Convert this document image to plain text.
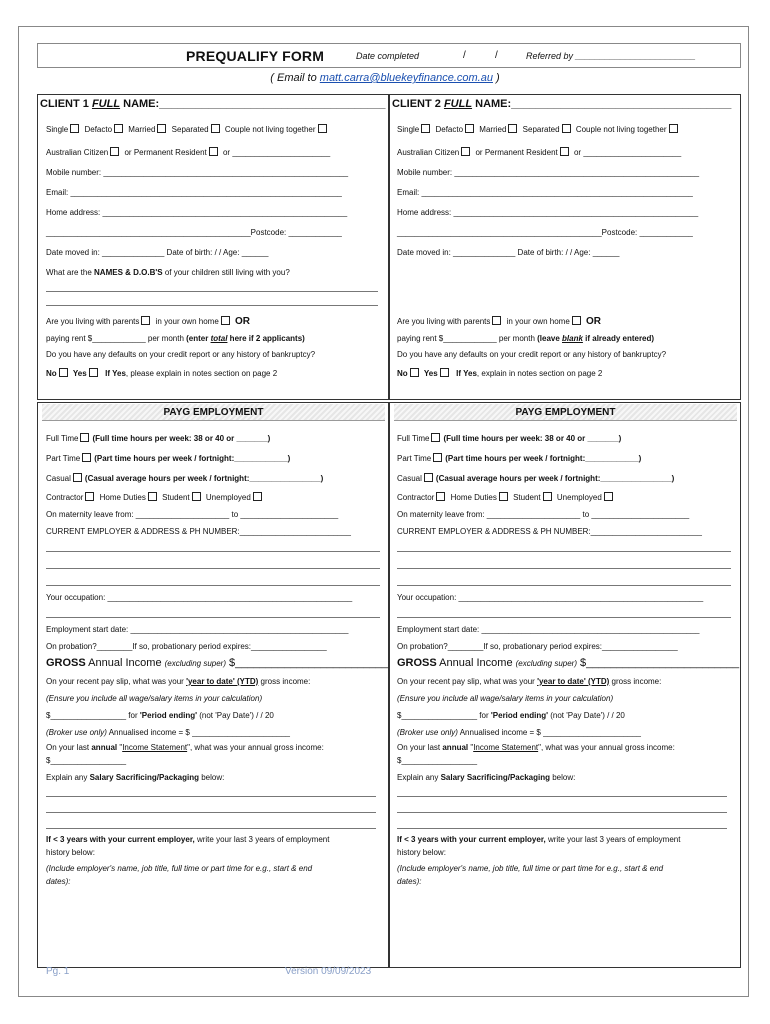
PREQUALIFY FORM	Date completed	/	/	Referred by ________________________
( Email to matt.carra@bluekeyfinance.com.au )
CLIENT 1 FULL NAME:_____________________________________
Single Defacto Married Separated Couple not living together
Australian Citizen or Permanent Resident or ______________________
Mobile number: _______________________________________________________
Email: _____________________________________________________________
Home address: _______________________________________________________
______________________________________________Postcode: ____________
Date moved in: ______________ Date of birth: / / Age: ______
What are the NAMES & D.O.B'S of your children still living with you?
Are you living with parents in your own home OR
paying rent $____________ per month (enter total here if 2 applicants)
Do you have any defaults on your credit report or any history of bankruptcy?
No Yes If Yes, please explain in notes section on page 2
CLIENT 2 FULL NAME:____________________________________
Single Defacto Married Separated Couple not living together
Australian Citizen or Permanent Resident or ______________________
Mobile number: _______________________________________________________
Email: _____________________________________________________________
Home address: _______________________________________________________
______________________________________________Postcode: ____________
Date moved in: ______________ Date of birth: / / Age: ______
Are you living with parents in your own home OR
paying rent $____________ per month (leave blank if already entered)
Do you have any defaults on your credit report or any history of bankruptcy?
No Yes If Yes, explain in notes section on page 2
PAYG EMPLOYMENT	PAYG EMPLOYMENT
Full Time (Full time hours per week: 38 or 40 or _______)
Part Time (Part time hours per week / fortnight:____________)
Casual (Casual average hours per week / fortnight:________________)
Contractor Home Duties Student Unemployed
On maternity leave from: _____________________ to ______________________
CURRENT EMPLOYER & ADDRESS & PH NUMBER:_________________________
Your occupation: _______________________________________________________
Employment start date: _________________________________________________
On probation?________If so, probationary period expires:_________________
GROSS Annual Income (excluding super) $_________________________
On your recent pay slip, what was your 'year to date' (YTD) gross income:
(Ensure you include all wage/salary items in your calculation)
$_________________ for 'Period ending' (not 'Pay Date') / / 20
(Broker use only) Annualised income = $ ______________________
On your last annual "Income Statement", what was your annual gross income:
$_________________
Explain any Salary Sacrificing/Packaging below:
If < 3 years with your current employer, write your last 3 years of employment
history below:
(Include employer's name, job title, full time or part time for e.g., start & end
dates):
Full Time (Full time hours per week: 38 or 40 or _______)
Part Time (Part time hours per week / fortnight:____________)
Casual (Casual average hours per week / fortnight:________________)
Contractor Home Duties Student Unemployed
On maternity leave from: _____________________ to ______________________
CURRENT EMPLOYER & ADDRESS & PH NUMBER:_________________________
Your occupation: _______________________________________________________
Employment start date: _________________________________________________
On probation?________If so, probationary period expires:_________________
GROSS Annual Income (excluding super) $_________________________
On your recent pay slip, what was your 'year to date' (YTD) gross income:
(Ensure you include all wage/salary items in your calculation)
$_________________ for 'Period ending' (not 'Pay Date') / / 20
(Broker use only) Annualised income = $ ______________________
On your last annual "Income Statement", what was your annual gross income:
$_________________
Explain any Salary Sacrificing/Packaging below:
If < 3 years with your current employer, write your last 3 years of employment
history below:
(Include employer's name, job title, full time or part time for e.g., start & end
dates):
Pg. 1	Version 09/09/2023
